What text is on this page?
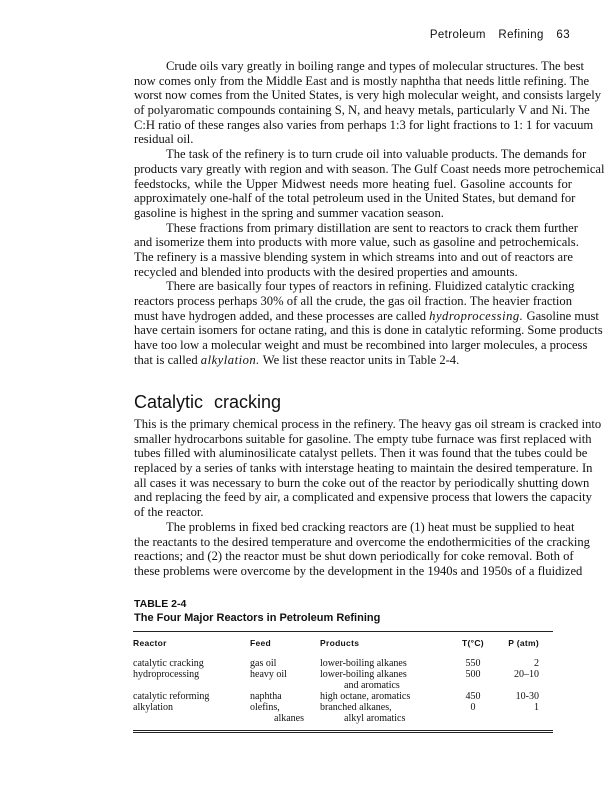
Petroleum Refining 63
Crude oils vary greatly in boiling range and types of molecular structures. The best
now comes only from the Middle East and is mostly naphtha that needs little refining. The
worst now comes from the United States, is very high molecular weight, and consists largely
of polyaromatic compounds containing S, N, and heavy metals, particularly V and Ni. The
C:H ratio of these ranges also varies from perhaps 1:3 for light fractions to 1: 1 for vacuum
residual oil.
The task of the refinery is to turn crude oil into valuable products. The demands for
products vary greatly with region and with season. The Gulf Coast needs more petrochemical
feedstocks, while the Upper Midwest needs more heating fuel. Gasoline accounts for
approximately one-half of the total petroleum used in the United States, but demand for
gasoline is highest in the spring and summer vacation season.
These fractions from primary distillation are sent to reactors to crack them further
and isomerize them into products with more value, such as gasoline and petrochemicals.
The refinery is a massive blending system in which streams into and out of reactors are
recycled and blended into products with the desired properties and amounts.
There are basically four types of reactors in refining. Fluidized catalytic cracking
reactors process perhaps 30% of all the crude, the gas oil fraction. The heavier fraction
must have hydrogen added, and these processes are called hydroprocessing. Gasoline must
have certain isomers for octane rating, and this is done in catalytic reforming. Some products
have too low a molecular weight and must be recombined into larger molecules, a process
that is called alkylation. We list these reactor units in Table 2-4.
Catalytic cracking
This is the primary chemical process in the refinery. The heavy gas oil stream is cracked into
smaller hydrocarbons suitable for gasoline. The empty tube furnace was first replaced with
tubes filled with aluminosilicate catalyst pellets. Then it was found that the tubes could be
replaced by a series of tanks with interstage heating to maintain the desired temperature. In
all cases it was necessary to burn the coke out of the reactor by periodically shutting down
and replacing the feed by air, a complicated and expensive process that lowers the capacity
of the reactor.
The problems in fixed bed cracking reactors are (1) heat must be supplied to heat
the reactants to the desired temperature and overcome the endothermicities of the cracking
reactions; and (2) the reactor must be shut down periodically for coke removal. Both of
these problems were overcome by the development in the 1940s and 1950s of a fluidized
TABLE 2-4
The Four Major Reactors in Petroleum Refining
Reactor	Feed	Products	T(°C)	P (atm)
catalytic cracking	gas oil	lower-boiling alkanes	550	2
hydroprocessing	heavy oil	lower-boiling alkanes	500	20–10
		and aromatics		
catalytic reforming	naphtha	high octane, aromatics	450	10-30
alkylation	olefins,	branched alkanes,	0	1
	alkanes	alkyl aromatics		
